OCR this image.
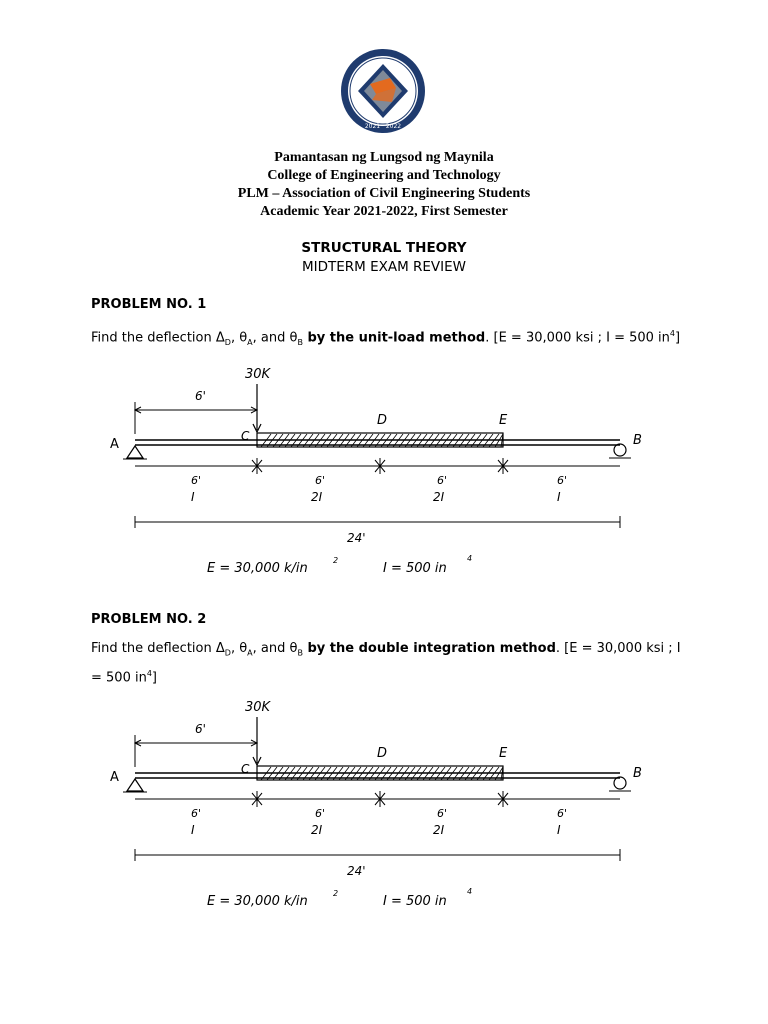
2021 · 2022
Pamantasan ng Lungsod ng Maynila
College of Engineering and Technology
PLM – Association of Civil Engineering Students
Academic Year 2021-2022, First Semester
STRUCTURAL THEORY
MIDTERM EXAM REVIEW
PROBLEM NO. 1
Find the deflection $\Delta_D$, $\theta_A$, and $\theta_B$ by the unit-load method. [E = 30,000 ksi ; I = 500 $in^4$]
30K
6'
A
C
D	E
B
6'	6'	6'	6'
I	2I	2I	I
24'
E = 30,000 k/in
2
I = 500 in
4
PROBLEM NO. 2
Find the deflection $\Delta_D$, $\theta_A$, and $\theta_B$ by the double integration method. [E = 30,000 ksi ; I = 500 $in^4$]
30K
6'
A
C
D	E
B
6'	6'	6'	6'
I	2I	2I	I
24'
E = 30,000 k/in
2
I = 500 in
4
